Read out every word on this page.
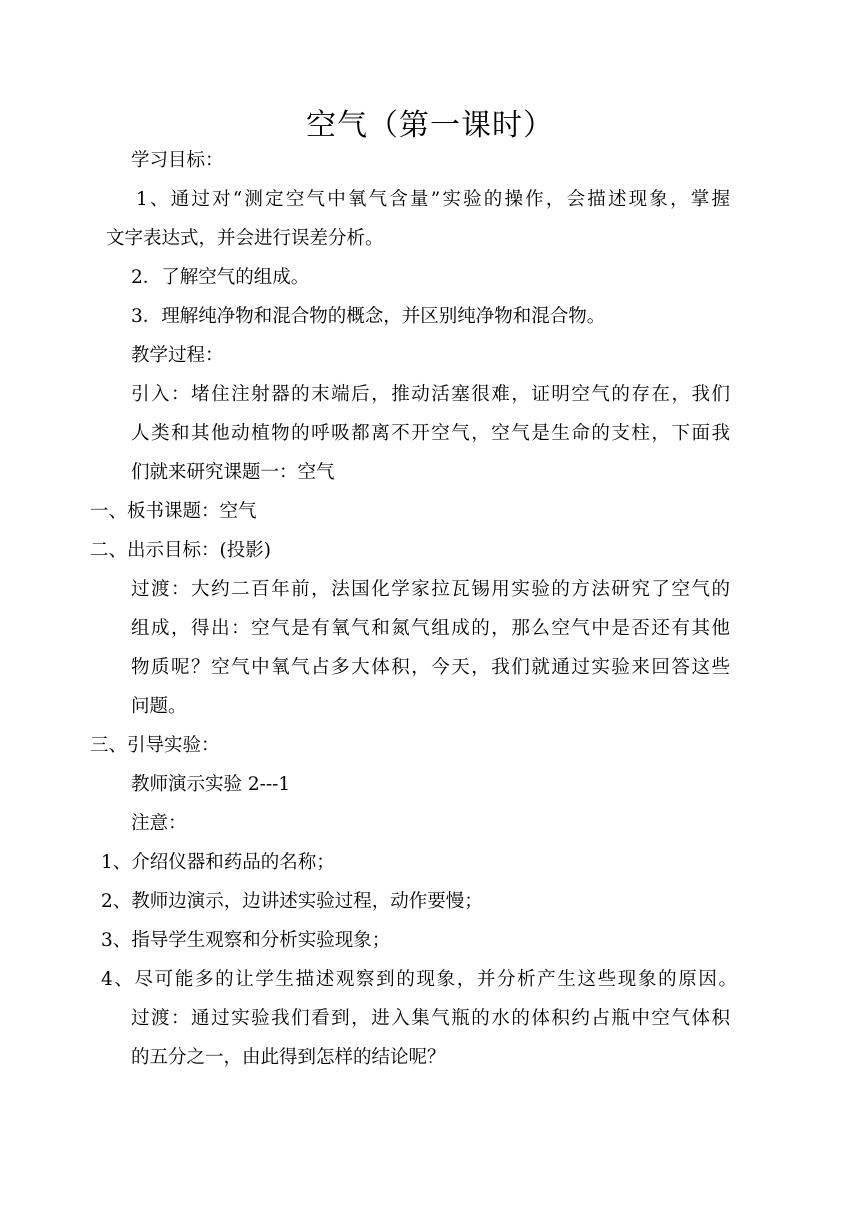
空气（第一课时）
学习目标：
1、通过对“测定空气中氧气含量”实验的操作，会描述现象，掌握
文字表达式，并会进行误差分析。
2．了解空气的组成。
3．理解纯净物和混合物的概念，并区别纯净物和混合物。
教学过程：
引入：堵住注射器的末端后，推动活塞很难，证明空气的存在，我们
人类和其他动植物的呼吸都离不开空气，空气是生命的支柱，下面我
们就来研究课题一：空气
一、板书课题：空气
二、出示目标：(投影)
过渡：大约二百年前，法国化学家拉瓦锡用实验的方法研究了空气的
组成，得出：空气是有氧气和氮气组成的，那么空气中是否还有其他
物质呢？空气中氧气占多大体积，今天，我们就通过实验来回答这些
问题。
三、引导实验：
教师演示实验 2---1
注意：
1、介绍仪器和药品的名称；
2、教师边演示，边讲述实验过程，动作要慢；
3、指导学生观察和分析实验现象；
4、尽可能多的让学生描述观察到的现象，并分析产生这些现象的原因。
过渡：通过实验我们看到，进入集气瓶的水的体积约占瓶中空气体积
的五分之一，由此得到怎样的结论呢？
